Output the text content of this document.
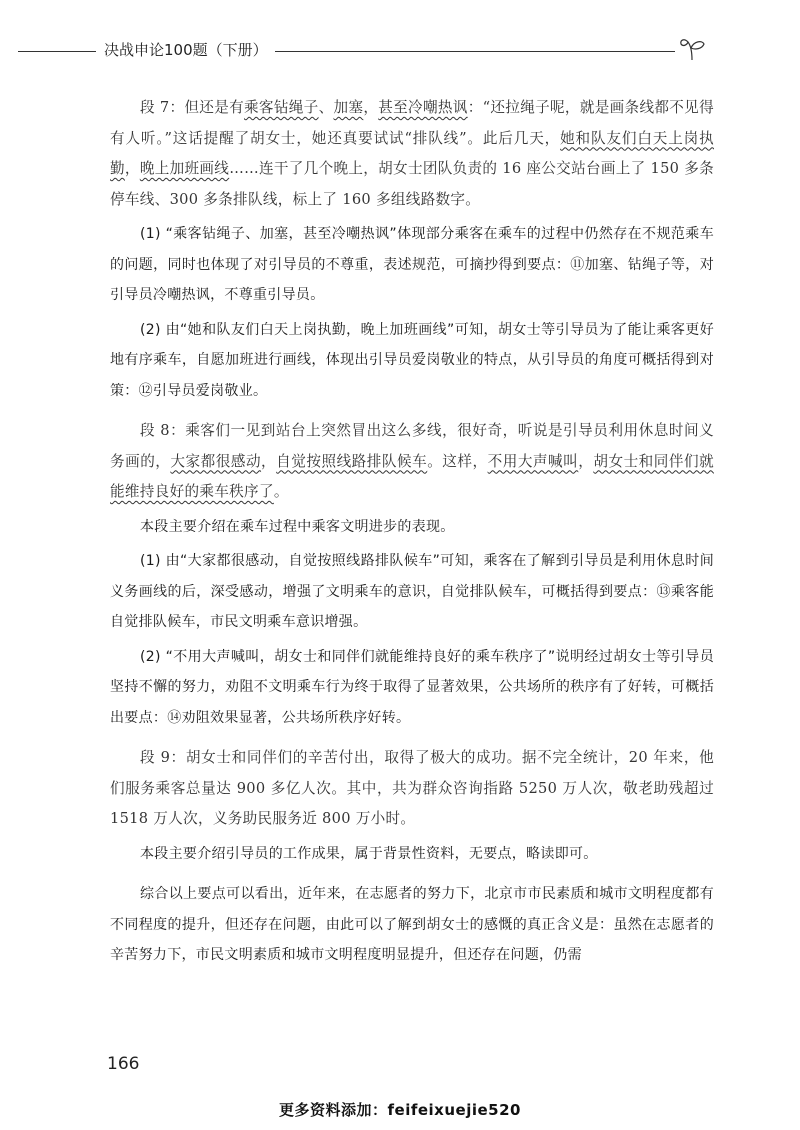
决战申论100题（下册）

段 7：但还是有乘客钻绳子、加塞，甚至冷嘲热讽：“还拉绳子呢，就是画条线都不见得有人听。”这话提醒了胡女士，她还真要试试“排队线”。此后几天，她和队友们白天上岗执勤，晚上加班画线……连干了几个晚上，胡女士团队负责的 16 座公交站台画上了 150 多条停车线、300 多条排队线，标上了 160 多组线路数字。

(1) “乘客钻绳子、加塞，甚至冷嘲热讽”体现部分乘客在乘车的过程中仍然存在不规范乘车的问题，同时也体现了对引导员的不尊重，表述规范，可摘抄得到要点：⑪加塞、钻绳子等，对引导员冷嘲热讽，不尊重引导员。

(2) 由“她和队友们白天上岗执勤，晚上加班画线”可知，胡女士等引导员为了能让乘客更好地有序乘车，自愿加班进行画线，体现出引导员爱岗敬业的特点，从引导员的角度可概括得到对策：⑫引导员爱岗敬业。

段 8：乘客们一见到站台上突然冒出这么多线，很好奇，听说是引导员利用休息时间义务画的，大家都很感动，自觉按照线路排队候车。这样，不用大声喊叫，胡女士和同伴们就能维持良好的乘车秩序了。

本段主要介绍在乘车过程中乘客文明进步的表现。

(1) 由“大家都很感动，自觉按照线路排队候车”可知，乘客在了解到引导员是利用休息时间义务画线的后，深受感动，增强了文明乘车的意识，自觉排队候车，可概括得到要点：⑬乘客能自觉排队候车，市民文明乘车意识增强。

(2) “不用大声喊叫，胡女士和同伴们就能维持良好的乘车秩序了”说明经过胡女士等引导员坚持不懈的努力，劝阻不文明乘车行为终于取得了显著效果，公共场所的秩序有了好转，可概括出要点：⑭劝阻效果显著，公共场所秩序好转。

段 9：胡女士和同伴们的辛苦付出，取得了极大的成功。据不完全统计，20 年来，他们服务乘客总量达 900 多亿人次。其中，共为群众咨询指路 5250 万人次，敬老助残超过 1518 万人次，义务助民服务近 800 万小时。

本段主要介绍引导员的工作成果，属于背景性资料，无要点，略读即可。

综合以上要点可以看出，近年来，在志愿者的努力下，北京市市民素质和城市文明程度都有不同程度的提升，但还存在问题，由此可以了解到胡女士的感慨的真正含义是：虽然在志愿者的辛苦努力下，市民文明素质和城市文明程度明显提升，但还存在问题，仍需

166
更多资料添加：feifeixuejie520
